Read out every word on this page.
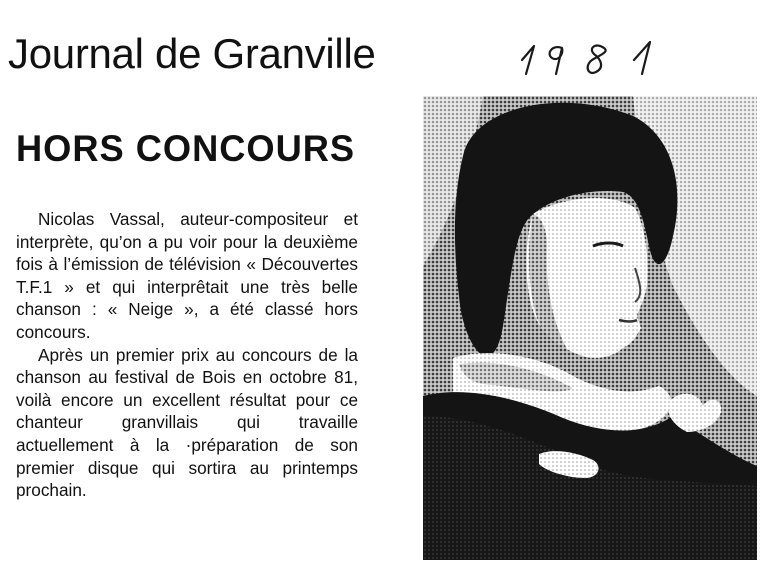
Journal de Granville
HORS CONCOURS

Nicolas Vassal, auteur-compositeur et interprète, qu’on a pu voir pour la deuxième fois à l’émission de télévision « Découvertes T.F.1 » et qui interprêtait une très belle chanson : « Neige », a été classé hors concours.

Après un premier prix au concours de la chanson au festival de Bois en octobre 81, voilà encore un excellent résultat pour ce chanteur granvillais qui travaille actuellement à la ·préparation de son premier disque qui sortira au printemps prochain.
